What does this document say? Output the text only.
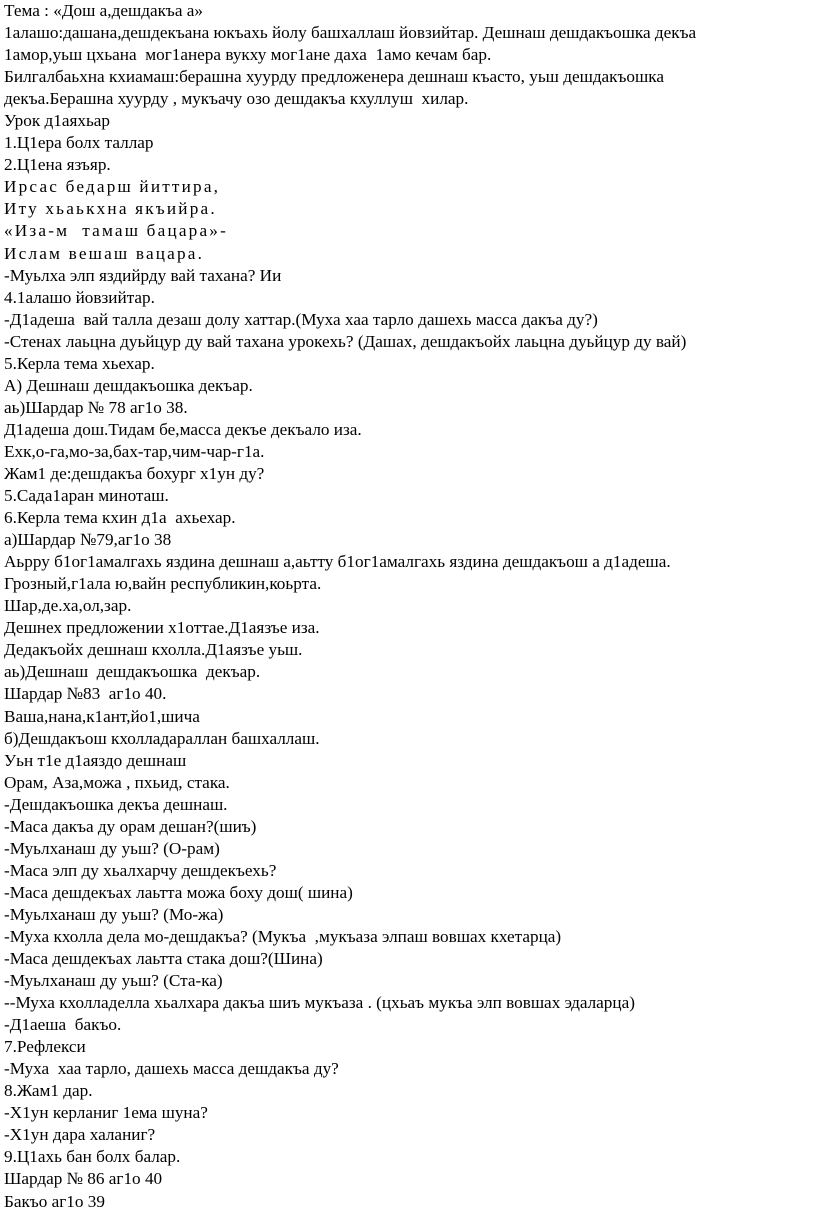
Тема : «Дош а,дешдакъа а»
1алашо:дашана,дешдекъана юкъахь йолу башхаллаш йовзийтар. Дешнаш дешдакъошка декъа
1амор,уьш цхьана  мог1анера вукху мог1ане даха  1амо кечам бар.
Билгалбаьхна кхиамаш:берашна хуурду предложенера дешнаш къасто, уьш дешдакъошка
декъа.Берашна хуурду , мукъачу озо дешдакъа кхуллуш  хилар.
Урок д1аяхьар
1.Ц1ера болх таллар
2.Ц1ена язъяр.
Ирсас бедарш йиттира,
Иту хьаькхна якъийра.
«Иза-м  тамаш бацара»-
Ислам вешаш вацара.
-Муьлха элп яздийрду вай тахана? Ии
4.1алашо йовзийтар.
-Д1адеша  вай талла дезаш долу хаттар.(Муха хаа тарло дашехь масса дакъа ду?)
-Стенах лаьцна дуьйцур ду вай тахана урокехь? (Дашах, дешдакъойх лаьцна дуьйцур ду вай)
5.Керла тема хьехар.
А) Дешнаш дешдакъошка декъар.
аь)Шардар № 78 аг1о 38.
Д1адеша дош.Тидам бе,масса декъе декъало иза.
Ехк,о-га,мо-за,бах-тар,чим-чар-г1а.
Жам1 де:дешдакъа бохург х1ун ду?
5.Сада1аран миноташ.
6.Керла тема кхин д1а  ахьехар.
а)Шардар №79,аг1о 38
Аьрру б1ог1амалгахь яздина дешнаш а,аьтту б1ог1амалгахь яздина дешдакъош а д1адеша.
Грозный,г1ала ю,вайн республикин,коьрта.
Шар,де.ха,ол,зар.
Дешнех предложении х1оттае.Д1аязъе иза.
Дедакъойх дешнаш кхолла.Д1аязъе уьш.
аь)Дешнаш  дешдакъошка  декъар.
Шардар №83  аг1о 40.
Ваша,нана,к1ант,йо1,шича
б)Дешдакъош кхолладараллан башхаллаш.
Уьн т1е д1аяздо дешнаш
Орам, Аза,можа , пхьид, стака.
-Дешдакъошка декъа дешнаш.
-Маса дакъа ду орам дешан?(шиъ)
-Муьлханаш ду уьш? (О-рам)
-Маса элп ду хьалхарчу дешдекъехь?
-Маса дешдекъах лаьтта можа боху дош( шина)
-Муьлханаш ду уьш? (Мо-жа)
-Муха кхолла дела мо-дешдакъа? (Мукъа  ,мукъаза элпаш вовшах кхетарца)
-Маса дешдекъах лаьтта стака дош?(Шина)
-Муьлханаш ду уьш? (Ста-ка)
--Муха кхолладелла хьалхара дакъа шиъ мукъаза . (цхьаъ мукъа элп вовшах эдаларца)
-Д1аеша  бакъо.
7.Рефлекси
-Муха  хаа тарло, дашехь масса дешдакъа ду?
8.Жам1 дар.
-Х1ун керланиг 1ема шуна?
-Х1ун дара халаниг?
9.Ц1ахь бан болх балар.
Шардар № 86 аг1о 40
Бакъо аг1о 39
